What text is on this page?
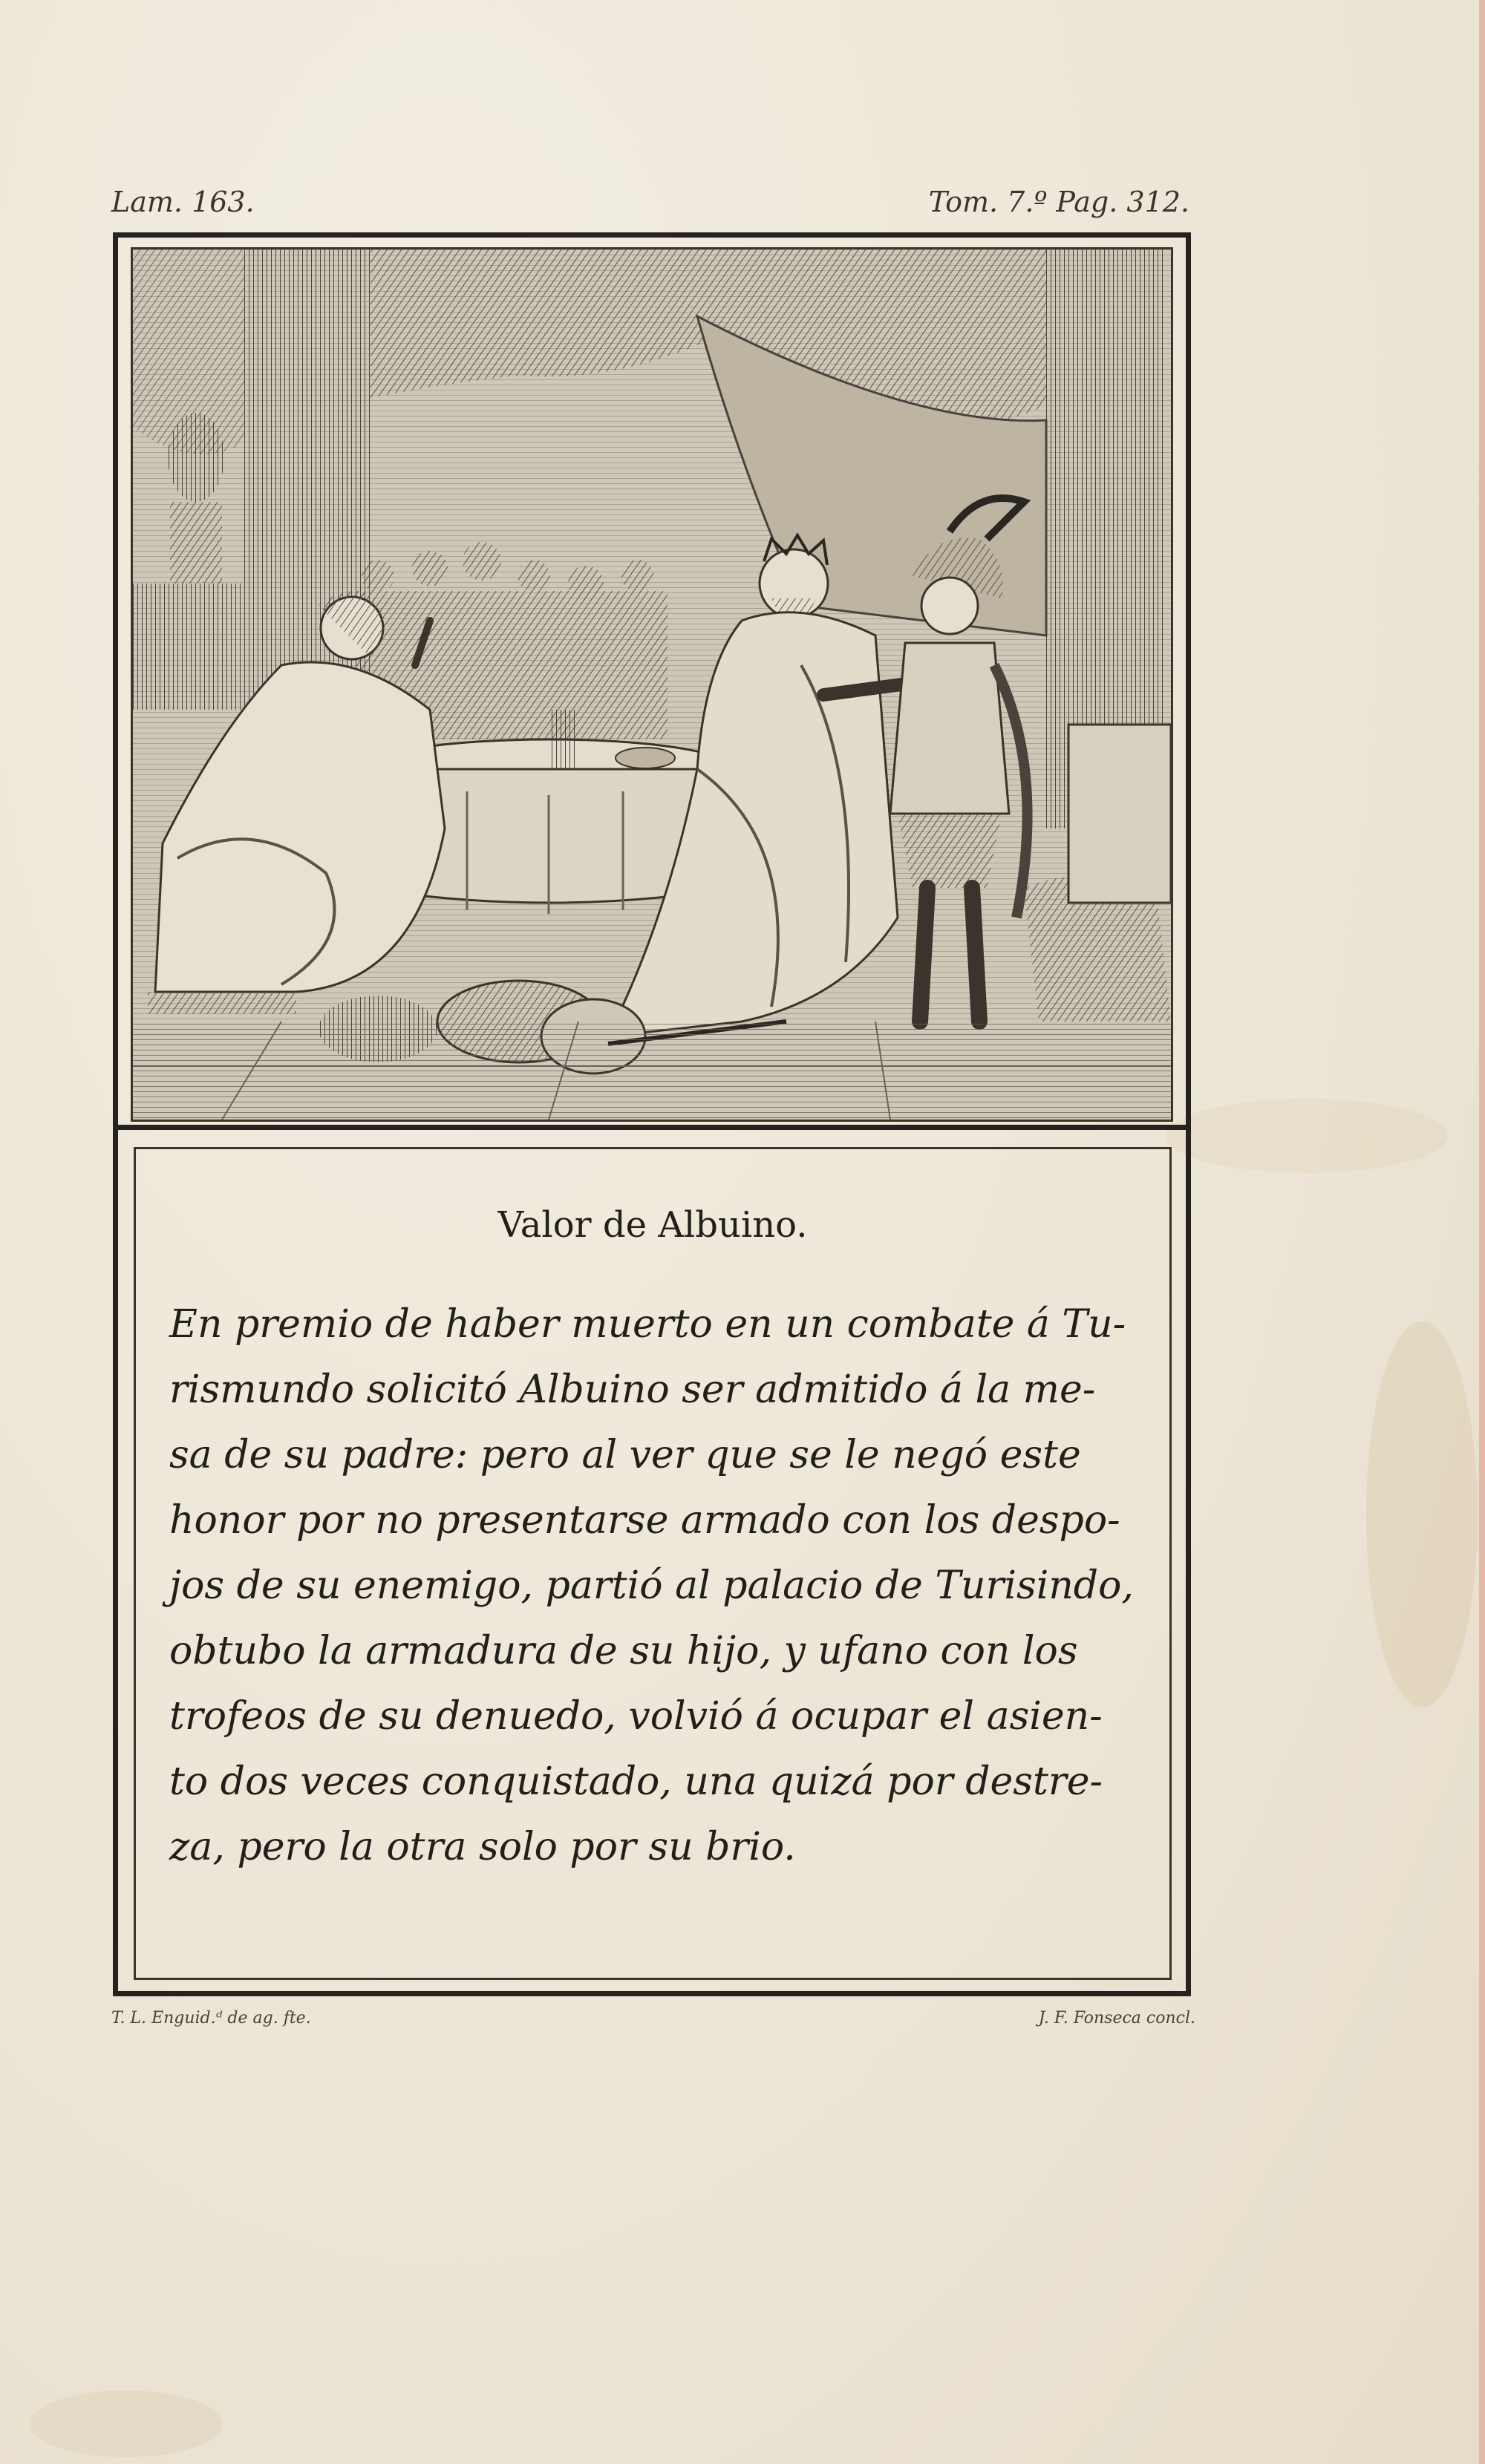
Lam. 163.	Tom. 7.º Pag. 312.
Valor de Albuino.
En premio de haber muerto en un combate á Tu-
rismundo solicitó Albuino ser admitido á la me-
sa de su padre: pero al ver que se le negó este
honor por no presentarse armado con los despo-
jos de su enemigo, partió al palacio de Turisindo,
obtubo la armadura de su hijo, y ufano con los
trofeos de su denuedo, volvió á ocupar el asien-
to dos veces conquistado, una quizá por destre-
za, pero la otra solo por su brio.
T. L. Enguid.ᵈ de ag. fte.	J. F. Fonseca concl.
